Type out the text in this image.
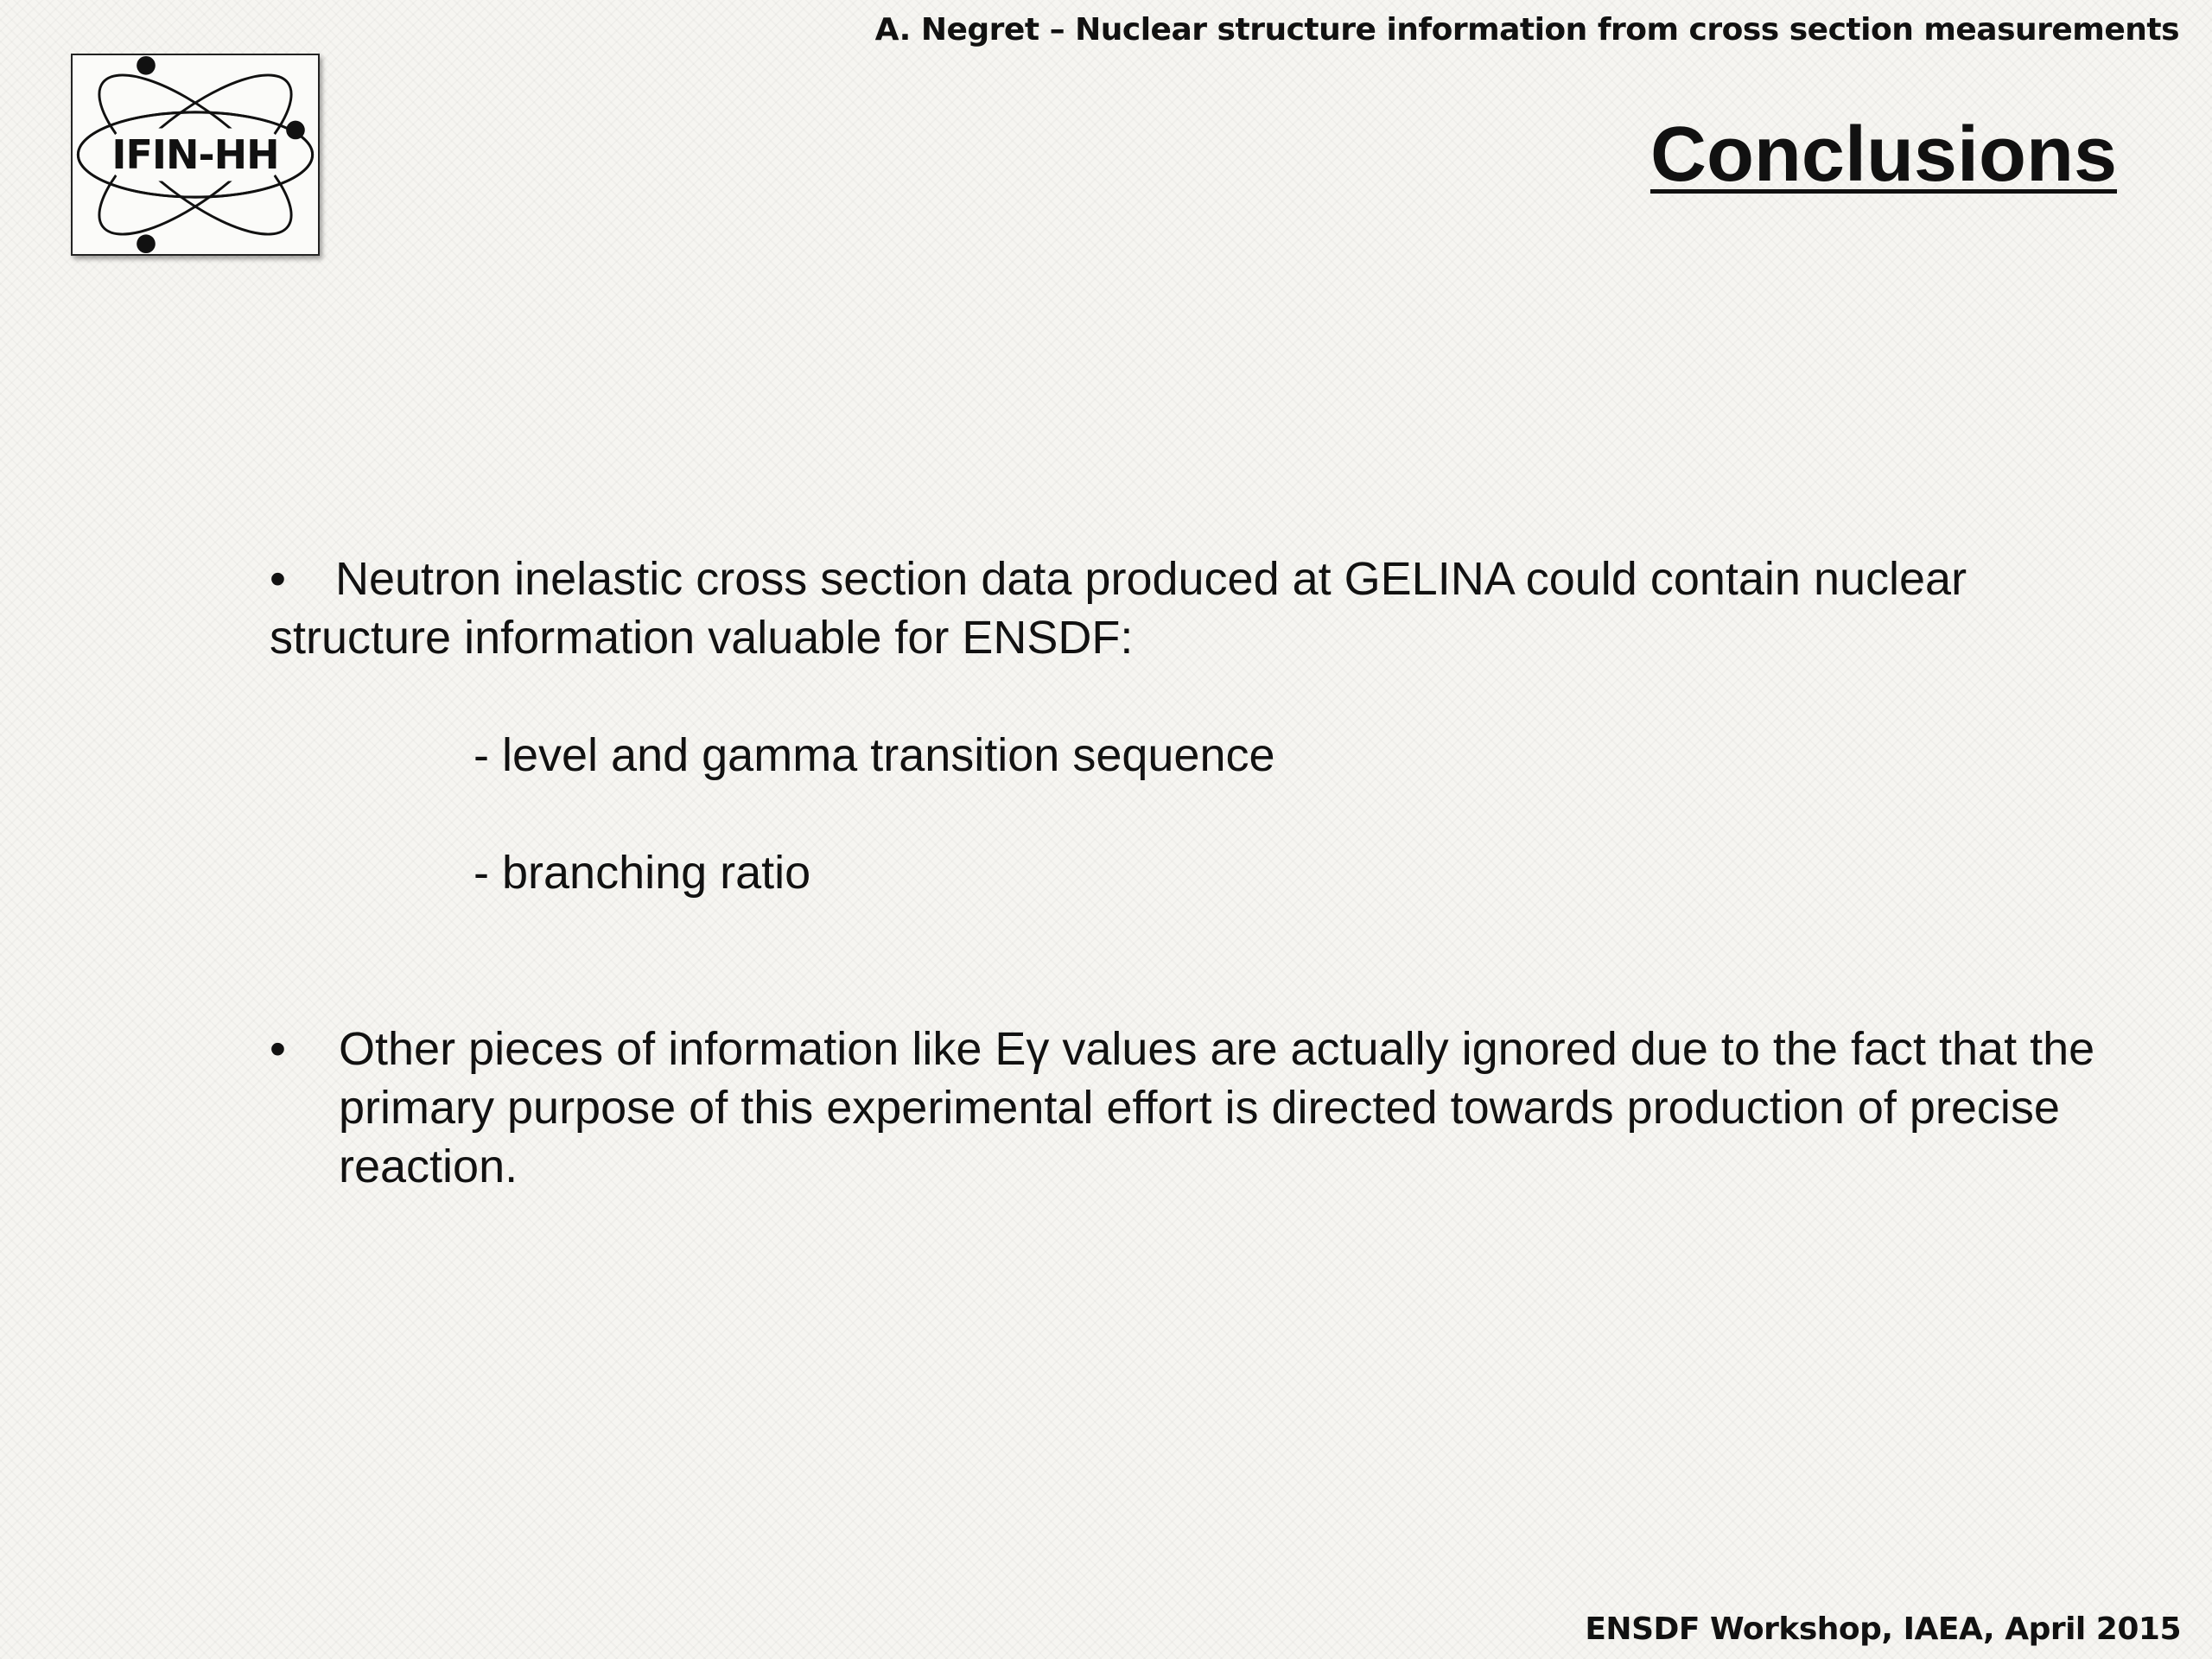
A. Negret – Nuclear structure information from cross section measurements
IFIN-HH	Conclusions

• Neutron inelastic cross section data produced at GELINA could contain nuclear structure information valuable for ENSDF:

- level and gamma transition sequence

- branching ratio

•	Other pieces of information like Eγ values are actually ignored due to the fact that the primary purpose of this experimental effort is directed towards production of precise reaction.

ENSDF Workshop, IAEA, April 2015
